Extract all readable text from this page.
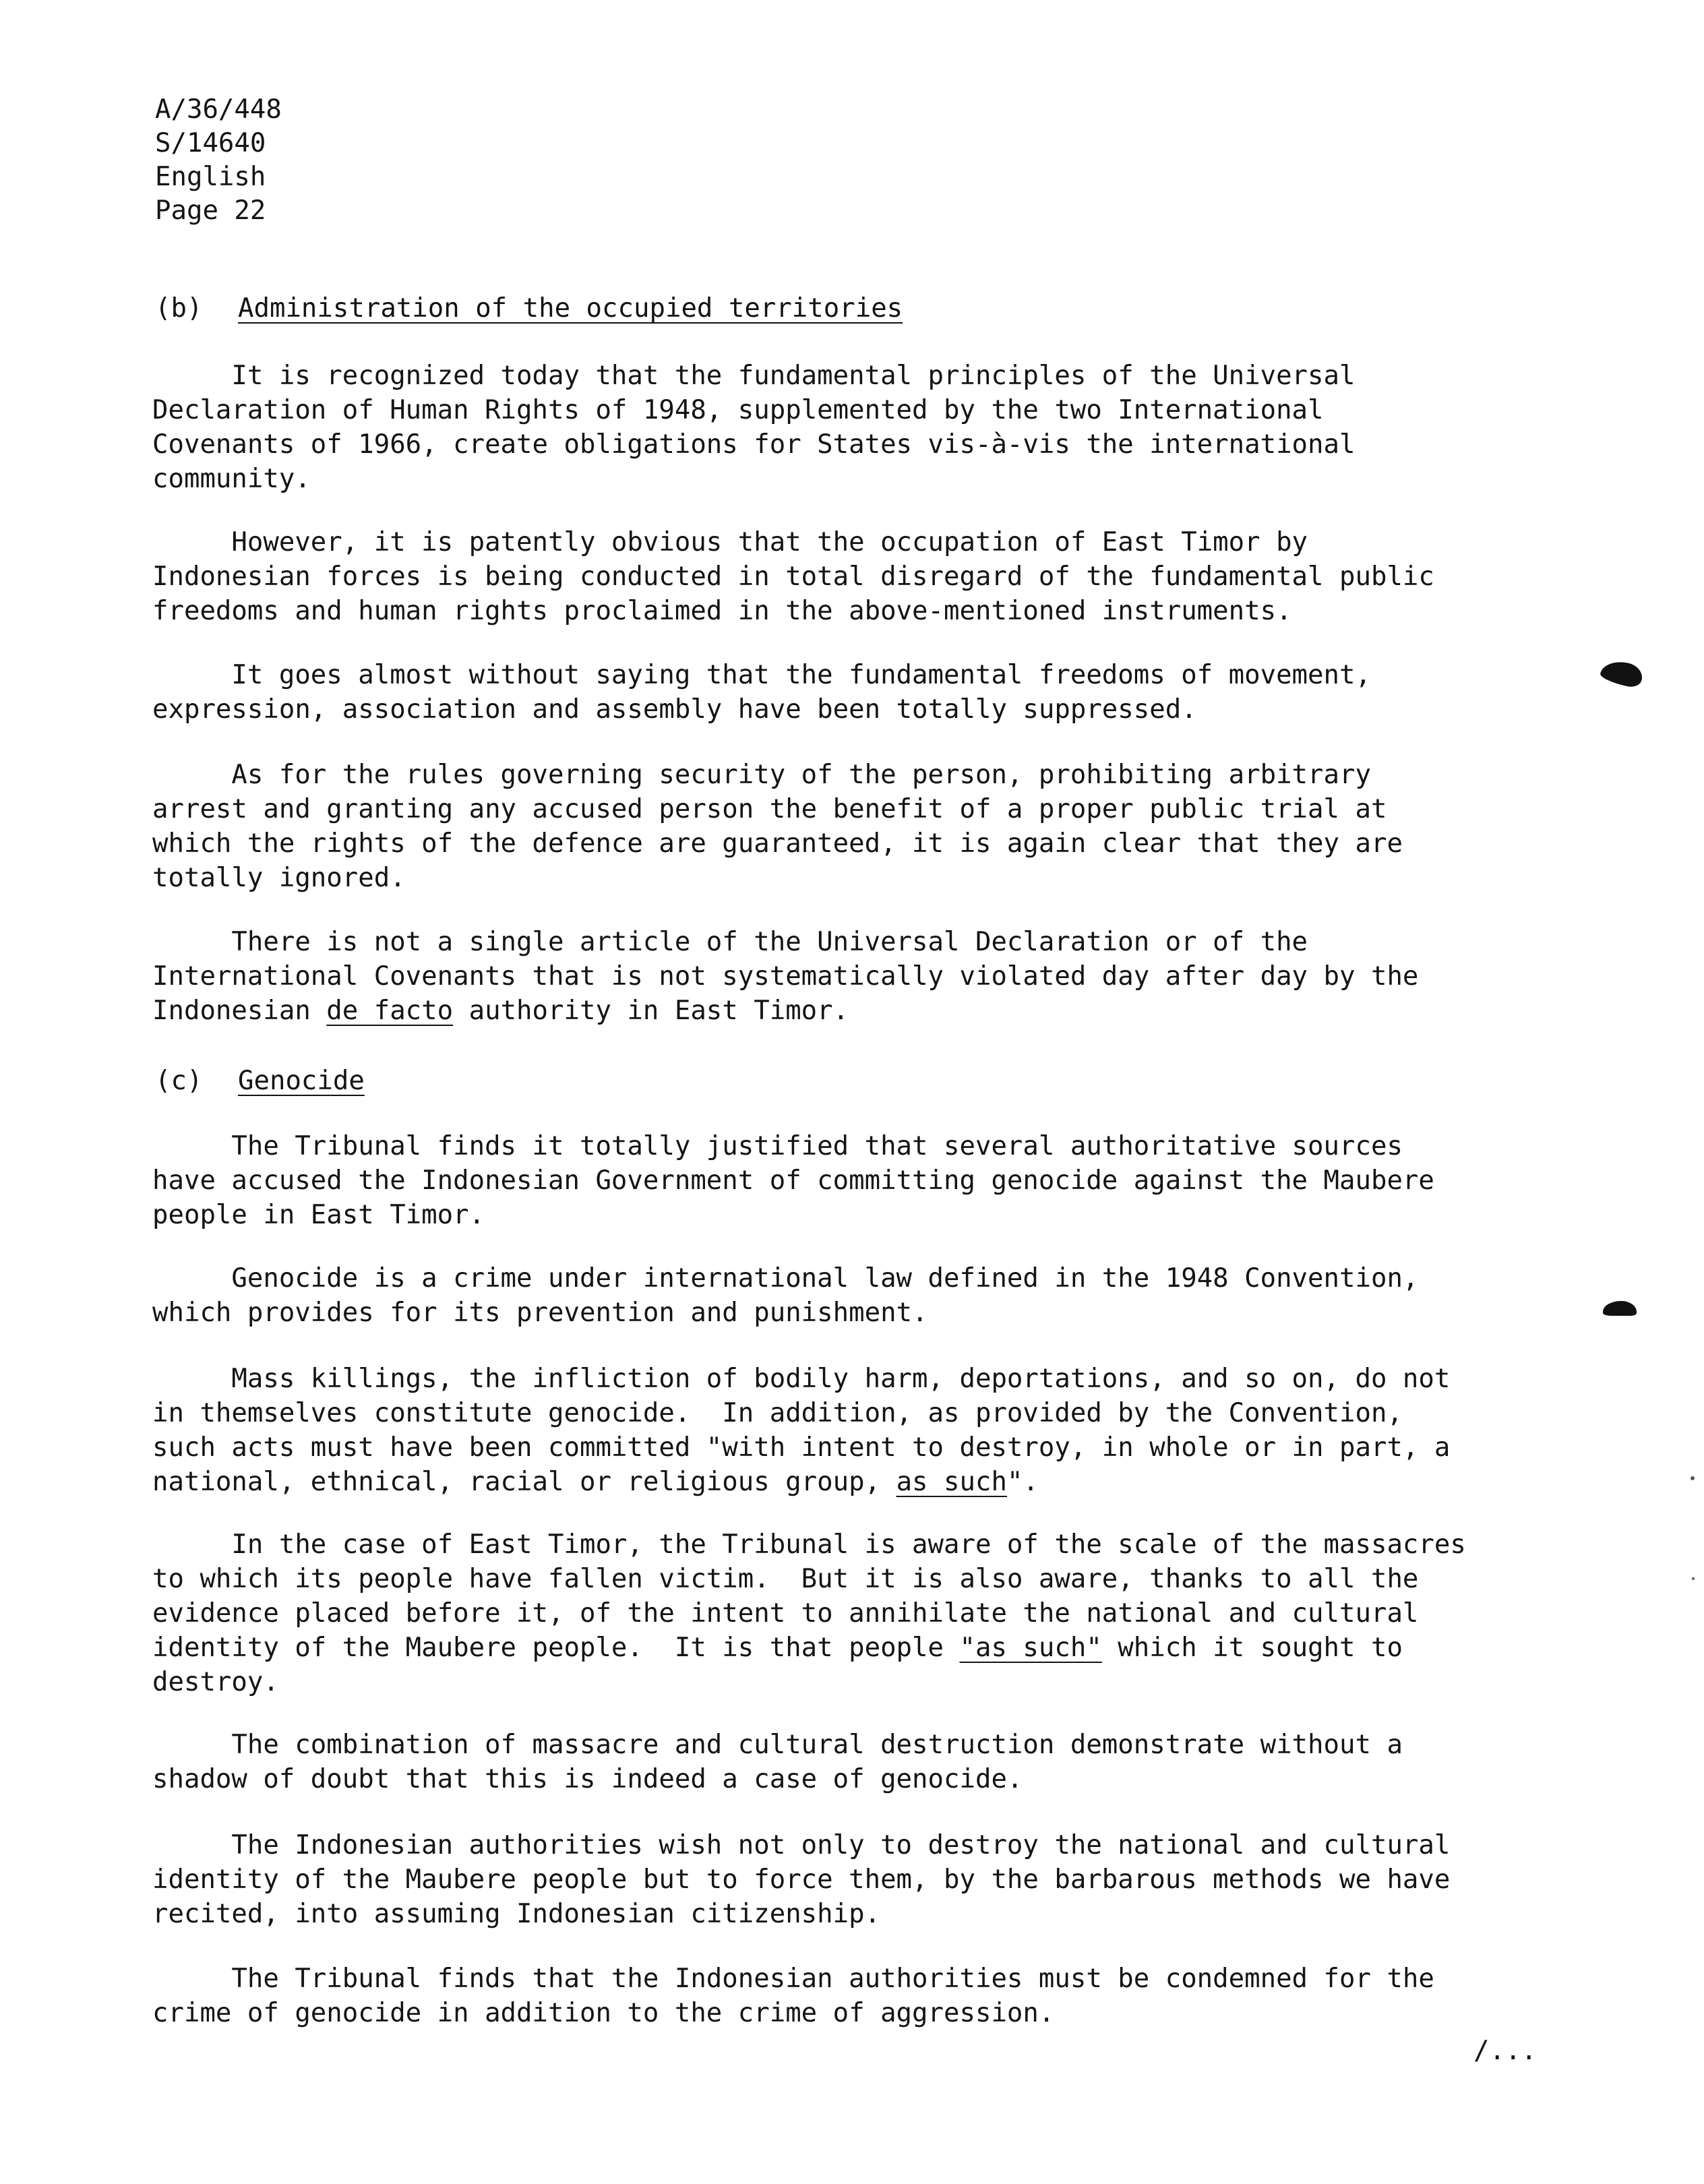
A/36/448
S/14640
English
Page 22
(b) Administration of the occupied territories
It is recognized today that the fundamental principles of the Universal
Declaration of Human Rights of 1948, supplemented by the two International
Covenants of 1966, create obligations for States vis-à-vis the international
community.
However, it is patently obvious that the occupation of East Timor by
Indonesian forces is being conducted in total disregard of the fundamental public
freedoms and human rights proclaimed in the above-mentioned instruments.
It goes almost without saying that the fundamental freedoms of movement,
expression, association and assembly have been totally suppressed.
As for the rules governing security of the person, prohibiting arbitrary
arrest and granting any accused person the benefit of a proper public trial at
which the rights of the defence are guaranteed, it is again clear that they are
totally ignored.
There is not a single article of the Universal Declaration or of the
International Covenants that is not systematically violated day after day by the
Indonesian de facto authority in East Timor.
(c) Genocide
The Tribunal finds it totally justified that several authoritative sources
have accused the Indonesian Government of committing genocide against the Maubere
people in East Timor.
Genocide is a crime under international law defined in the 1948 Convention,
which provides for its prevention and punishment.
Mass killings, the infliction of bodily harm, deportations, and so on, do not
in themselves constitute genocide.  In addition, as provided by the Convention,
such acts must have been committed "with intent to destroy, in whole or in part, a
national, ethnical, racial or religious group, as such".
In the case of East Timor, the Tribunal is aware of the scale of the massacres
to which its people have fallen victim.  But it is also aware, thanks to all the
evidence placed before it, of the intent to annihilate the national and cultural
identity of the Maubere people.  It is that people "as such" which it sought to
destroy.
The combination of massacre and cultural destruction demonstrate without a
shadow of doubt that this is indeed a case of genocide.
The Indonesian authorities wish not only to destroy the national and cultural
identity of the Maubere people but to force them, by the barbarous methods we have
recited, into assuming Indonesian citizenship.
The Tribunal finds that the Indonesian authorities must be condemned for the
crime of genocide in addition to the crime of aggression.
/...
